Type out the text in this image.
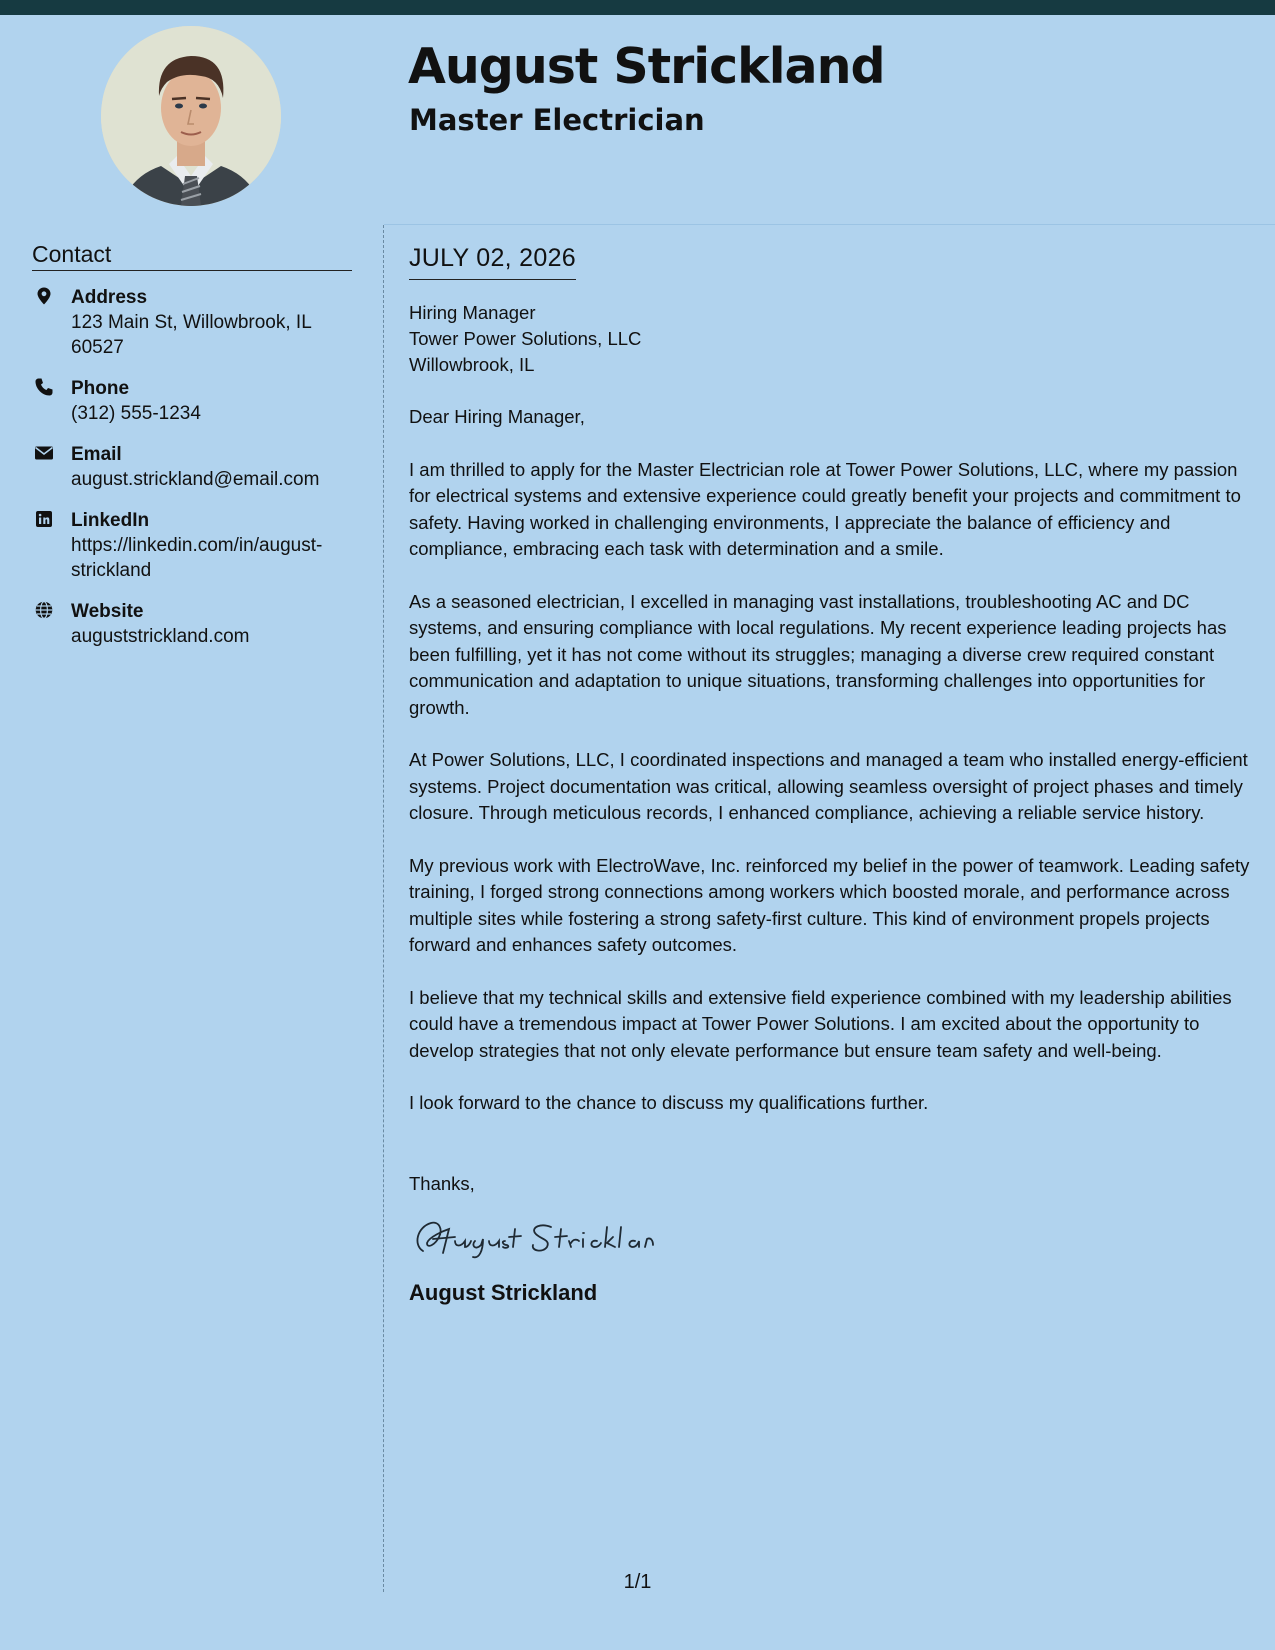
August Strickland
Master Electrician
Contact
Address
123 Main St, Willowbrook, IL 60527
Phone
(312) 555-1234
Email
august.strickland@email.com
LinkedIn
https://linkedin.com/in/august-strickland
Website
auguststrickland.com
JULY 02, 2026
Hiring Manager
Tower Power Solutions, LLC
Willowbrook, IL

Dear Hiring Manager,

I am thrilled to apply for the Master Electrician role at Tower Power Solutions, LLC, where my passion for electrical systems and extensive experience could greatly benefit your projects and commitment to safety. Having worked in challenging environments, I appreciate the balance of efficiency and compliance, embracing each task with determination and a smile.

As a seasoned electrician, I excelled in managing vast installations, troubleshooting AC and DC systems, and ensuring compliance with local regulations. My recent experience leading projects has been fulfilling, yet it has not come without its struggles; managing a diverse crew required constant communication and adaptation to unique situations, transforming challenges into opportunities for growth.

At Power Solutions, LLC, I coordinated inspections and managed a team who installed energy-efficient systems. Project documentation was critical, allowing seamless oversight of project phases and timely closure. Through meticulous records, I enhanced compliance, achieving a reliable service history.

My previous work with ElectroWave, Inc. reinforced my belief in the power of teamwork. Leading safety training, I forged strong connections among workers which boosted morale, and performance across multiple sites while fostering a strong safety-first culture. This kind of environment propels projects forward and enhances safety outcomes.

I believe that my technical skills and extensive field experience combined with my leadership abilities could have a tremendous impact at Tower Power Solutions. I am excited about the opportunity to develop strategies that not only elevate performance but ensure team safety and well-being.

I look forward to the chance to discuss my qualifications further.

Thanks,
August Strickland
1/1
